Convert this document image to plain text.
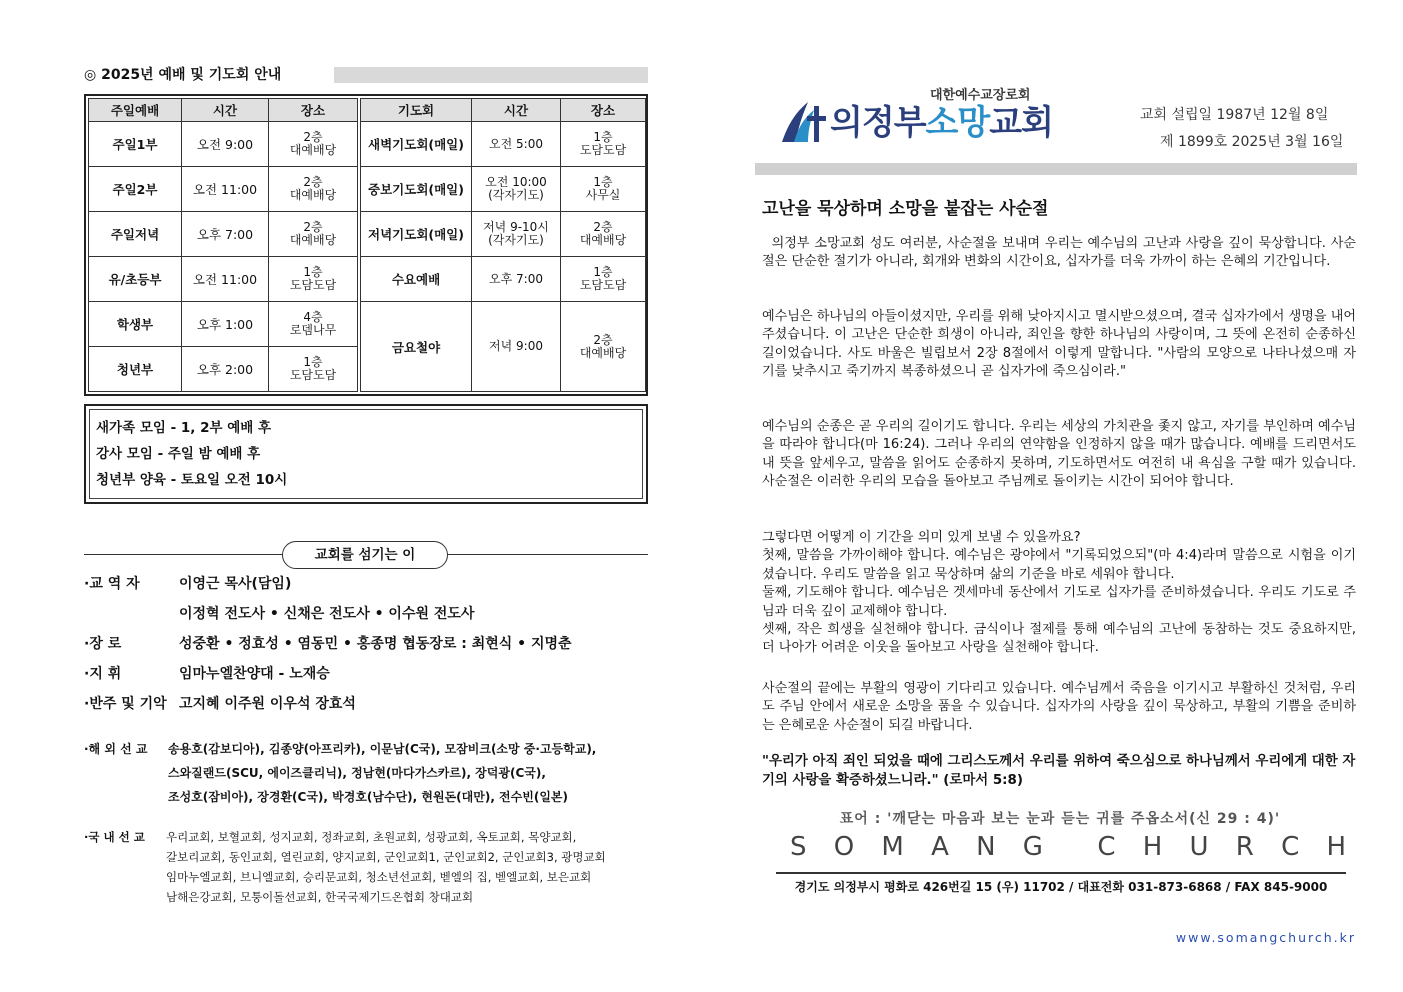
◎ 2025년 예배 및 기도회 안내
주일예배	시간	장소
주일1부	오전 9:00	2층
대예배당
주일2부	오전 11:00	2층
대예배당
주일저녁	오후 7:00	2층
대예배당
유/초등부	오전 11:00	1층
도담도담
학생부	오후 1:00	4층
로뎀나무
청년부	오후 2:00	1층
도담도담
기도회	시간	장소
새벽기도회(매일)	오전 5:00	1층
도담도담
중보기도회(매일)	오전 10:00
(각자기도)	1층
사무실
저녁기도회(매일)	저녁 9-10시
(각자기도)	2층
대예배당
수요예배	오후 7:00	1층
도담도담
금요철야	저녁 9:00	2층
대예배당
새가족 모임 - 1, 2부 예배 후
강사 모임 - 주일 밤 예배 후
청년부 양육 - 토요일 오전 10시
교회를 섬기는 이
·교 역 자	이영근 목사(담임)
이정혁 전도사 • 신채은 전도사 • 이수원 전도사
·장 로	성중환 • 정효성 • 염동민 • 홍종명 협동장로 : 최현식 • 지명춘
·지 휘	임마누엘찬양대 - 노재승
·반주 및 기악 고지혜 이주원 이우석 장효석
·해 외 선 교 송용호(감보디아), 김종양(아프리카), 이문남(C국), 모잠비크(소망 중·고등학교),
스와질랜드(SCU, 에이즈클리닉), 정남현(마다가스카르), 장덕광(C국),
조성호(잠비아), 장경환(C국), 박경호(남수단), 현원돈(대만), 전수빈(일본)
·국 내 선 교 우리교회, 보혈교회, 성지교회, 정좌교회, 초원교회, 성광교회, 옥토교회, 목양교회,
갈보리교회, 동인교회, 열린교회, 양지교회, 군인교회1, 군인교회2, 군인교회3, 광명교회
임마누엘교회, 브니엘교회, 승리문교회, 청소년선교회, 벧엘의 집, 벧엘교회, 보은교회
남해은강교회, 모퉁이돌선교회, 한국국제기드온협회 창대교회
대한예수교장로회
의정부소망교회	교회 설립일 1987년 12월 8일
제 1899호 2025년 3월 16일
고난을 묵상하며 소망을 붙잡는 사순절
의정부 소망교회 성도 여러분, 사순절을 보내며 우리는 예수님의 고난과 사랑을 깊이 묵상합니다. 사순절은 단순한 절기가 아니라, 회개와 변화의 시간이요, 십자가를 더욱 가까이 하는 은혜의 기간입니다.
예수님은 하나님의 아들이셨지만, 우리를 위해 낮아지시고 멸시받으셨으며, 결국 십자가에서 생명을 내어주셨습니다. 이 고난은 단순한 희생이 아니라, 죄인을 향한 하나님의 사랑이며, 그 뜻에 온전히 순종하신 길이었습니다. 사도 바울은 빌립보서 2장 8절에서 이렇게 말합니다. "사람의 모양으로 나타나셨으매 자기를 낮추시고 죽기까지 복종하셨으니 곧 십자가에 죽으심이라."
예수님의 순종은 곧 우리의 길이기도 합니다. 우리는 세상의 가치관을 좇지 않고, 자기를 부인하며 예수님을 따라야 합니다(마 16:24). 그러나 우리의 연약함을 인정하지 않을 때가 많습니다. 예배를 드리면서도 내 뜻을 앞세우고, 말씀을 읽어도 순종하지 못하며, 기도하면서도 여전히 내 욕심을 구할 때가 있습니다. 사순절은 이러한 우리의 모습을 돌아보고 주님께로 돌이키는 시간이 되어야 합니다.
그렇다면 어떻게 이 기간을 의미 있게 보낼 수 있을까요?
첫째, 말씀을 가까이해야 합니다. 예수님은 광야에서 "기록되었으되"(마 4:4)라며 말씀으로 시험을 이기셨습니다. 우리도 말씀을 읽고 묵상하며 삶의 기준을 바로 세워야 합니다.
둘째, 기도해야 합니다. 예수님은 겟세마네 동산에서 기도로 십자가를 준비하셨습니다. 우리도 기도로 주님과 더욱 깊이 교제해야 합니다.
셋째, 작은 희생을 실천해야 합니다. 금식이나 절제를 통해 예수님의 고난에 동참하는 것도 중요하지만, 더 나아가 어려운 이웃을 돌아보고 사랑을 실천해야 합니다.
사순절의 끝에는 부활의 영광이 기다리고 있습니다. 예수님께서 죽음을 이기시고 부활하신 것처럼, 우리도 주님 안에서 새로운 소망을 품을 수 있습니다. 십자가의 사랑을 깊이 묵상하고, 부활의 기쁨을 준비하는 은혜로운 사순절이 되길 바랍니다.
"우리가 아직 죄인 되었을 때에 그리스도께서 우리를 위하여 죽으심으로 하나님께서 우리에게 대한 자기의 사랑을 확증하셨느니라." (로마서 5:8)
표어 : '깨닫는 마음과 보는 눈과 듣는 귀를 주옵소서(신 29 : 4)'
S O M A N G C H U R C H
경기도 의정부시 평화로 426번길 15 (우) 11702 / 대표전화 031-873-6868 / FAX 845-9000
www.somangchurch.kr
